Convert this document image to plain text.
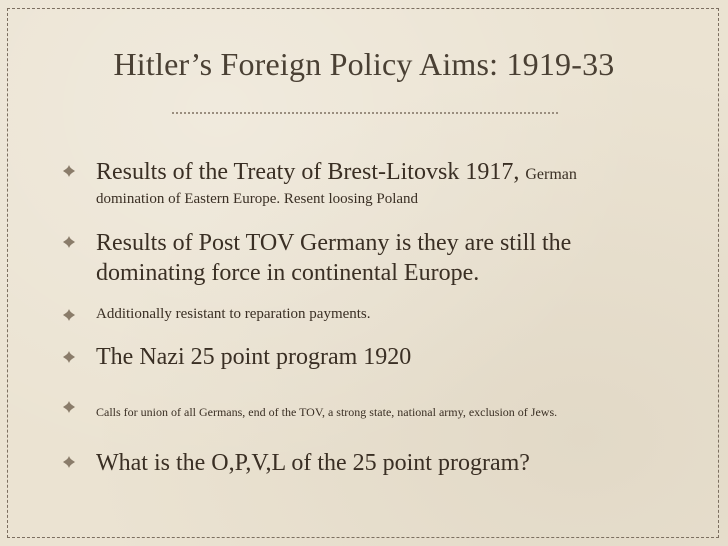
Hitler’s Foreign Policy Aims: 1919-33
Results of the Treaty of Brest-Litovsk 1917, German
domination of Eastern Europe. Resent loosing Poland
Results of Post TOV Germany is they are still the
dominating force in continental Europe.
Additionally resistant to reparation payments.
The Nazi 25 point program 1920
Calls for union of all Germans, end of the TOV, a strong state, national army, exclusion of Jews.
What is the O,P,V,L of the 25 point program?
